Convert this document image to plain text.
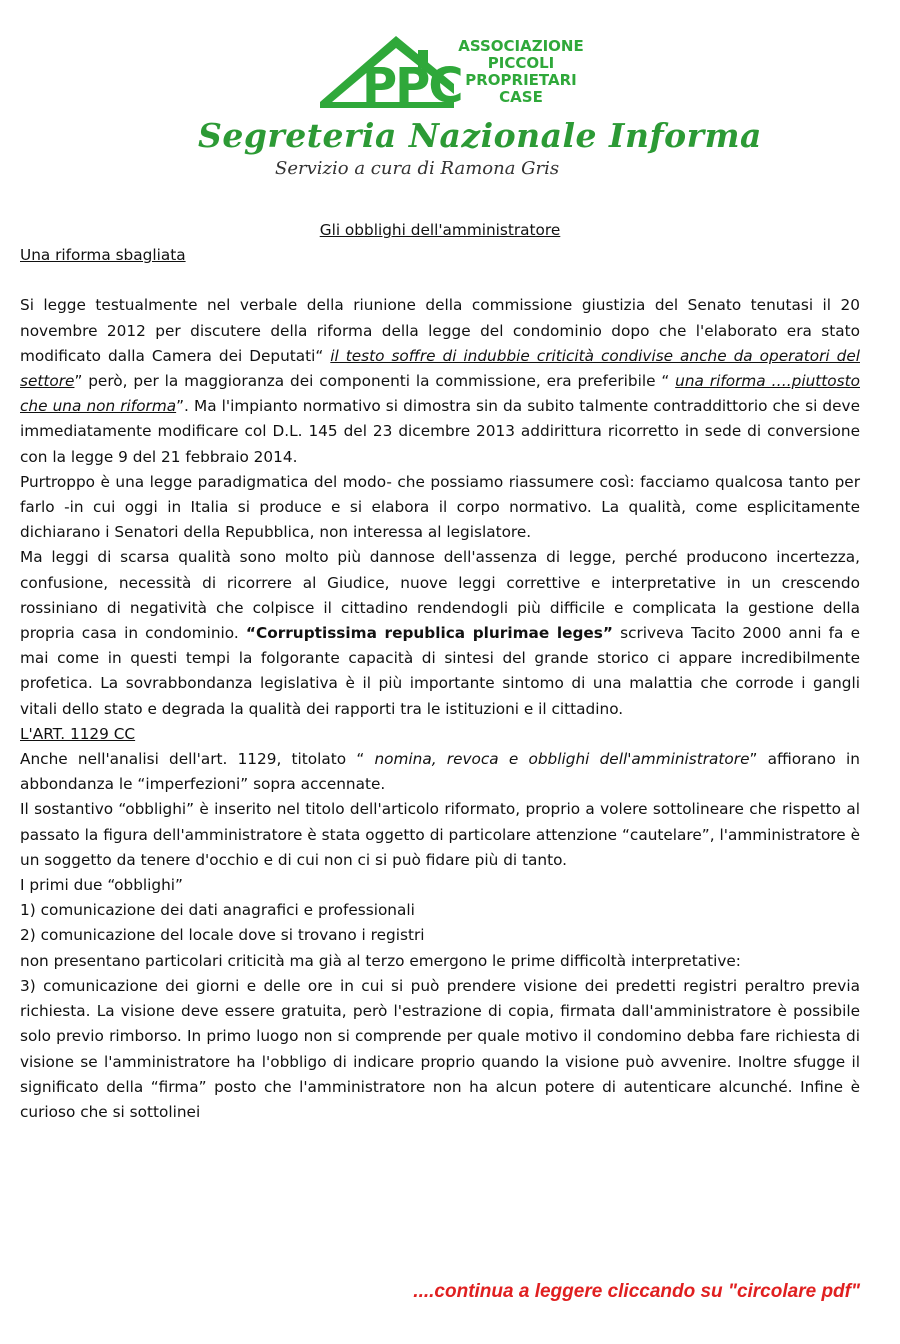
PPC
ASSOCIAZIONE
PICCOLI
PROPRIETARI
CASE
Segreteria Nazionale Informa
Servizio a cura di Ramona Gris

Gli obblighi dell'amministratore

Una riforma sbagliata

Si legge testualmente nel verbale della riunione della commissione giustizia del Senato tenutasi il 20 novembre 2012 per discutere della riforma della legge del condominio dopo che l'elaborato era stato modificato dalla Camera dei Deputati“ il testo soffre di indubbie criticità condivise anche da operatori del settore” però, per la maggioranza dei componenti la commissione, era preferibile “ una riforma ….piuttosto che una non riforma”. Ma l'impianto normativo si dimostra sin da subito talmente contraddittorio che si deve immediatamente modificare col D.L. 145 del 23 dicembre 2013 addirittura ricorretto in sede di conversione con la legge 9 del 21 febbraio 2014.

Purtroppo è una legge paradigmatica del modo- che possiamo riassumere così: facciamo qualcosa tanto per farlo -in cui oggi in Italia si produce e si elabora il corpo normativo. La qualità, come esplicitamente dichiarano i Senatori della Repubblica, non interessa al legislatore.

Ma leggi di scarsa qualità sono molto più dannose dell'assenza di legge, perché producono incertezza, confusione, necessità di ricorrere al Giudice, nuove leggi correttive e interpretative in un crescendo rossiniano di negatività che colpisce il cittadino rendendogli più difficile e complicata la gestione della propria casa in condominio. “Corruptissima republica plurimae leges” scriveva Tacito 2000 anni fa e mai come in questi tempi la folgorante capacità di sintesi del grande storico ci appare incredibilmente profetica. La sovrabbondanza legislativa è il più importante sintomo di una malattia che corrode i gangli vitali dello stato e degrada la qualità dei rapporti tra le istituzioni e il cittadino.

L'ART. 1129 CC

Anche nell'analisi dell'art. 1129, titolato “ nomina, revoca e obblighi dell'amministratore” affiorano in abbondanza le “imperfezioni” sopra accennate.

Il sostantivo “obblighi” è inserito nel titolo dell'articolo riformato, proprio a volere sottolineare che rispetto al passato la figura dell'amministratore è stata oggetto di particolare attenzione “cautelare”, l'amministratore è un soggetto da tenere d'occhio e di cui non ci si può fidare più di tanto.

I primi due “obblighi”

1) comunicazione dei dati anagrafici e professionali

2) comunicazione del locale dove si trovano i registri

non presentano particolari criticità ma già al terzo emergono le prime difficoltà interpretative:

3) comunicazione dei giorni e delle ore in cui si può prendere visione dei predetti registri peraltro previa richiesta. La visione deve essere gratuita, però l'estrazione di copia, firmata dall'amministratore è possibile solo previo rimborso. In primo luogo non si comprende per quale motivo il condomino debba fare richiesta di visione se l'amministratore ha l'obbligo di indicare proprio quando la visione può avvenire. Inoltre sfugge il significato della “firma” posto che l'amministratore non ha alcun potere di autenticare alcunché. Infine è curioso che si sottolinei

....continua a leggere cliccando su "circolare pdf"
